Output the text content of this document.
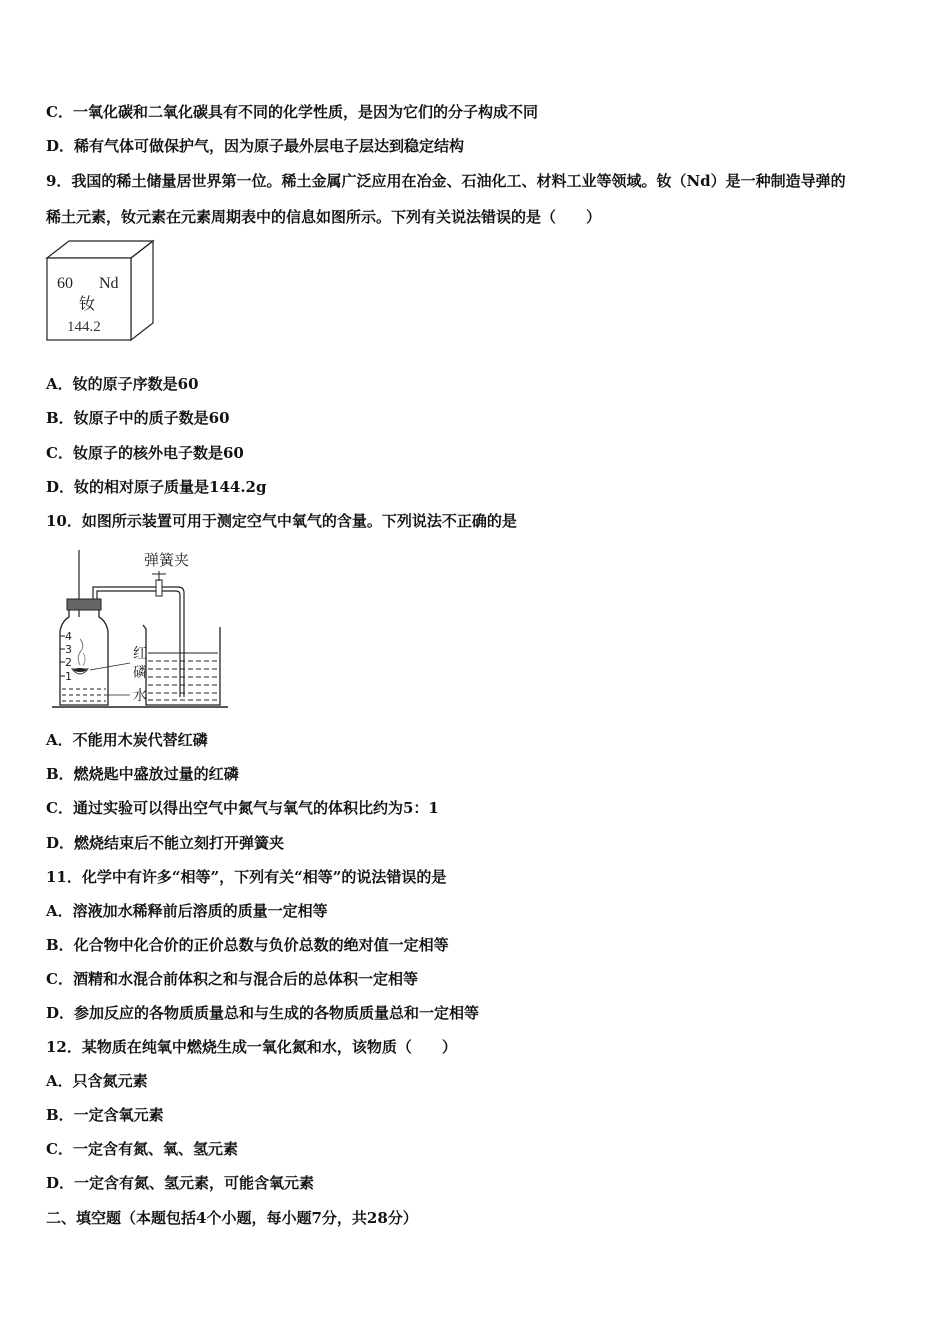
C．一氧化碳和二氧化碳具有不同的化学性质，是因为它们的分子构成不同
D．稀有气体可做保护气，因为原子最外层电子层达到稳定结构
9．我国的稀土储量居世界第一位。稀土金属广泛应用在冶金、石油化工、材料工业等领域。钕（Nd）是一种制造导弹的
稀土元素，钕元素在元素周期表中的信息如图所示。下列有关说法错误的是（　　）
60 Nd
钕
144.2
A．钕的原子序数是60
B．钕原子中的质子数是60
C．钕原子的核外电子数是60
D．钕的相对原子质量是144.2g
10．如图所示装置可用于测定空气中氧气的含量。下列说法不正确的是
4
3
2
1
弹簧夹
红
磷
水
A．不能用木炭代替红磷
B．燃烧匙中盛放过量的红磷
C．通过实验可以得出空气中氮气与氧气的体积比约为5：1
D．燃烧结束后不能立刻打开弹簧夹
11．化学中有许多“相等”，下列有关“相等”的说法错误的是
A．溶液加水稀释前后溶质的质量一定相等
B．化合物中化合价的正价总数与负价总数的绝对值一定相等
C．酒精和水混合前体积之和与混合后的总体积一定相等
D．参加反应的各物质质量总和与生成的各物质质量总和一定相等
12．某物质在纯氧中燃烧生成一氧化氮和水，该物质（　　）
A．只含氮元素
B．一定含氧元素
C．一定含有氮、氧、氢元素
D．一定含有氮、氢元素，可能含氧元素
二、填空题（本题包括4个小题，每小题7分，共28分）
